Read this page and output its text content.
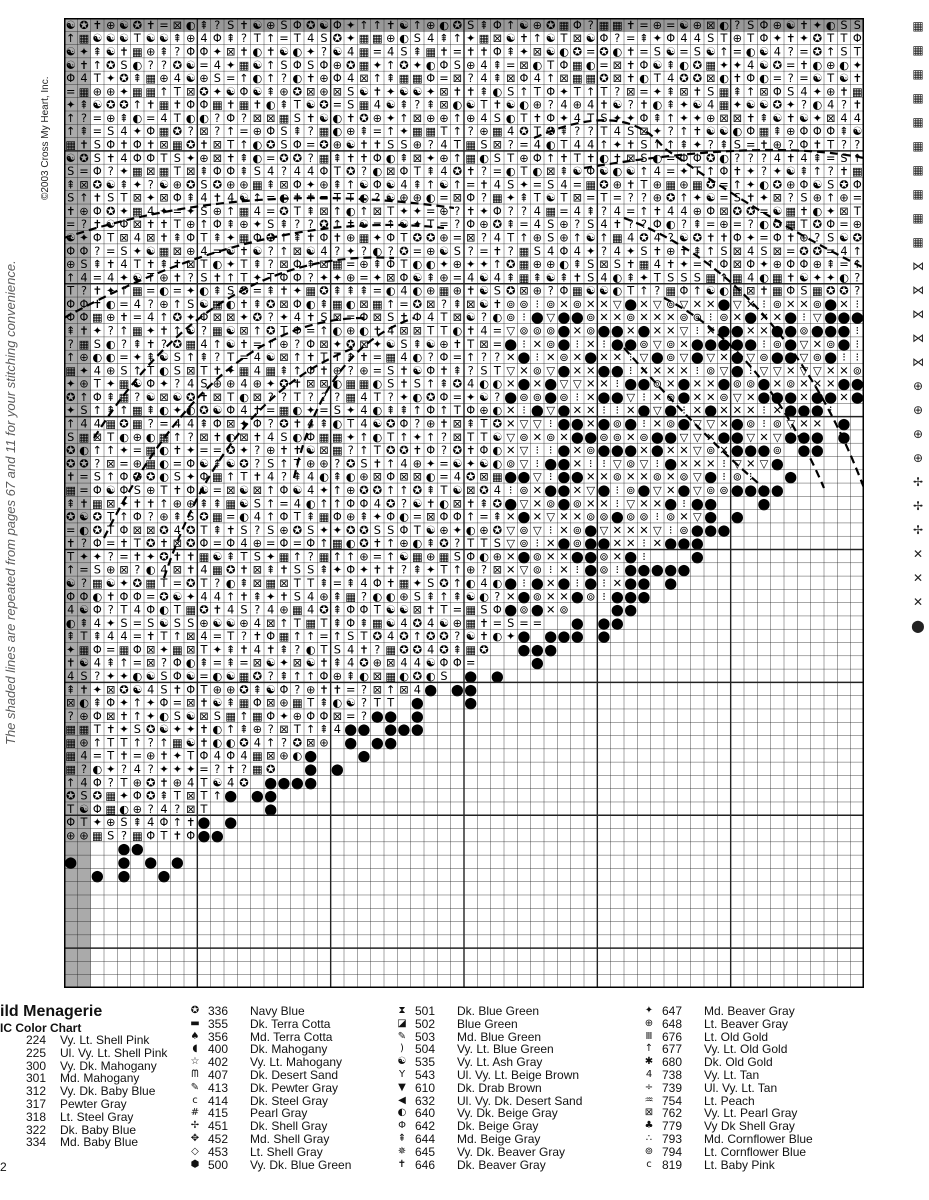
☯ ✪ ✝ ⊕ ☯ ✪ ✝ = ⊠ ◐ ⇞ ? S ✝ ☯ ⊕ S Φ ✪ ☯ Φ ✦ ↑ ↑ ✝ ☯ ↑ ⊕ ◐ ✪ S ⇞ Φ ↑ ☯ ⊕ ✪ ▦ Φ ? ▦ ▦ ✝ = ⊕ = ☯ ⊕ ⊠ ◐ ? S Φ ⊕ ☯ ✝ ✦ ◐ S S
↑ ▦ ☯ ☯ ☯ T ☯ ☯ ⇞ ⊕ 4 Φ ⇞ ? T ↑ = T 4 S ✪ ✦ ▦ ▦ ⊕ ◐ S 4 ⇞ ↑ ✦ ▦ ⊠ ☯ ✝ ↑ ☯ T ⊠ ☯ Φ ? = ⇞ ✦ Φ 4 4 S T ⊕ T Φ ✦ ✝ ✦ ✪ T T Φ
☯ ✦ ⇞ ☯ ✝ ▦ ⊕ ⇞ ? Φ Φ ✦ ⊠ ✝ ◐ ✝ ☯ ◐ ✦ ? ☯ 4 ▦ = 4 S ⇞ ▦ ✝ = ✝ ✝ Φ ⇞ ✦ ⊠ ☯ ◐ ✪ = ✪ ◐ ✝ = S ☯ = S ☯ ↑ = ◐ ☯ 4 ? = ✪ ↑ S T
☯ ✝ ↑ ✪ S ◐ ? ? ✪ ☯ = 4 ✦ ▦ ☯ ↑ S Φ S Φ ⊕ ✪ ▦ ✦ ↑ ✪ ✦ ◐ Φ S ⊕ 4 ⇞ = ⊠ ◐ T Φ ▦ ◐ = ⊠ ✝ Φ ☯ ⇞ ◐ ✪ ▦ ✦ ✦ 4 ☯ ✪ = ✝ ◐ ⊕ ◐ ✦
Φ 4 T ✦ ✪ ⇞ ▦ ⊕ 4 ☯ ⊕ S = ↑ ◐ ↑ ? ◐ ✝ ⊕ Φ 4 ⊠ ↑ ⇞ ▦ ▦ Φ = ⊠ ? 4 ⇞ ⊠ Φ 4 ↑ ⊠ ▦ ▦ ✪ ⊠ ✝ ◐ T 4 ✪ ✪ ⊠ ◐ ✝ Φ ◐ = ? = ☯ T ☯ ✝
= ▦ ⊕ ⊕ ✦ ▦ ▦ ↑ T ⊠ ✪ ✦ ☯ Φ ☯ ⇞ ⊕ ✪ ⊠ ⊕ ⊠ S ☯ ✝ ✦ ☯ ☯ ✦ ⊠ ✝ ✝ ⇞ ◐ S ↑ T Φ ✦ T ↑ T ? ⊠ = ✦ ⇞ ⊠ ✝ S ▦ ⇞ ↑ ⊠ Φ S 4 ✦ ⊕ ✝ ▦
✦ ⇞ ☯ ✪ ✪ ↑ ✝ ▦ ✝ Φ Φ ▦ ✝ ▦ ✝ ◐ ⇞ T ☯ ✪ = S ▦ 4 ☯ ⇞ ? ⇞ ⊠ ◐ ☯ T ✝ ☯ ◐ ⊕ ? 4 ⊕ 4 ✝ ☯ ? ✝ ◐ ⇞ ✦ ☯ 4 ▦ ✦ ☯ ☯ ✪ ✦ ? ◐ 4 ? ✝
↑ ? = ⊕ ⇞ ◐ = 4 T ◐ ◐ ? Φ ? ⊠ ⊠ ▦ S ✝ ☯ ◐ ✝ ✪ ⊕ ✦ ↑ ⊠ ⊕ ⊕ ↑ ⊕ 4 S ◐ T ✝ Φ ✦ 4 T S ✦ ✦ Φ ⇞ ↑ ✦ ✦ ⊕ ⊠ ⊠ ✝ ⇞ ☯ ✝ ☯ ✦ ⊠ 4 4
↑ ⇞ = S 4 ✦ Φ ▦ ✪ ? ⊠ ? ↑ = ⊕ Φ S ⇞ ? ▦ ◐ ⊕ ⇞ = ↑ ✦ ▦ ▦ T ↑ ? ⊕ ▦ 4 ✪ T ✪ ⇞ ? ? T 4 S ⊠ ✦ ? ↑ ✝ ☯ ☯ ◐ Φ ▦ ⇞ ⊕ Φ Φ Φ ⇞ ☯
▦ ✝ S Φ ✝ Φ ✝ ⊠ ▦ ✪ ✝ ⊠ T ↑ ◐ ✪ S Φ = ✪ ⊕ ☯ ✝ ✝ S S ⊕ ? 4 T ▦ S ⊠ ? = 4 ◐ T 4 4 ↑ ✦ ✝ S ↑ ↑ ⇞ ✦ ? ⇞ S = ✝ ⊕ ? Φ ✝ T ? ?
☯ ✪ S ✝ 4 Φ Φ T S ✦ ⊕ ⊠ ✝ ⇞ ◐ = ✪ ✪ ? ▦ ⇞ ✝ ✝ Φ ◐ ⇞ ⊠ ✦ ⊕ ↑ ▦ ◐ S T ⊕ Φ ↑ ✝ T ✝ ◐ ✝ ⊠ S ◐ = Φ Φ ✪ ◐ ? ? ? 4 ✝ 4 ⇞ = S ↑
S = Φ ? ✦ ▦ ⊠ ▦ T ⊠ ⇞ Φ Φ ⇞ S 4 ? 4 4 Φ T ✪ ? ◐ ⊠ Φ T ⇞ 4 ✪ ✝ ? = ◐ T ◐ ⊠ ⇞ ☯ Φ ☯ ◐ ☯ ↑ 4 = ✦ T ↑ Φ ✝ ✦ ? ✦ ☯ ⇞ ↑ ? ✝ ▦
⇞ ⊠ ✪ ☯ ⇞ ✦ ? ☯ ⊕ ✪ S ✪ ⊕ ⊕ ▦ ⇞ ⊠ Φ ✦ ⊕ ⇞ ↑ ☯ Φ ☯ 4 ⇞ ↑ ☯ ↑ = ✝ 4 S ✦ = S 4 = ▦ ✪ ⊕ ✝ T ⊕ ▦ ⊕ ▦ ✪ = ↑ ✦ ◐ ✪ ⊕ Φ ☯ S ✪ Φ
S ↑ ✝ S T ⊠ ✦ ⊠ Φ ⇞ 4 ✝ 4 ☯ ↑ = ◐ ✝ ✝ = T T ◐ ? ☯ ⊕ ⊕ ◐ = ⊠ Φ ? ▦ ✦ ⇞ T ☯ T ⊠ = T = ? ? ⊕ ✪ ↑ ✦ ☯ = S ✝ ✦ ⊠ ? S ⊕ ↑ ⊕ =
✝ ⊕ Φ ✪ ✦ ▦ 4 ✦ = ✦ S ⊕ ↑ ▦ 4 = ✪ T ⇞ ⊠ ↑ ◐ ↑ ⊠ T ✦ ✦ = ⊕ ? ✝ ✦ Φ ? ? 4 ▦ = 4 ⇞ ? 4 = ↑ ✝ 4 4 ⊕ Φ ⊠ ✪ ✪ = ☯ ▦ ✝ ◐ ✦ ⊠ T
= ? ✝ ☯ Φ ⊠ ✝ ✝ T ⊕ ↑ Φ ⇞ ⊕ ✦ S ⇞ ? ? ✪ ↑ ✝ ☯ = ↑ ☯ ✦ T = ? Φ ⊕ ✪ ⇞ = 4 S ⊕ ? S 4 ✝ ? ? Φ ◐ ? ⇞ = ⊕ = ? ◐ ✪ ▦ T ✪ Φ = ⊕
☯ ✦ Φ T ⊠ 4 ⊠ ✝ ⇞ Φ T ⇞ ✦ ▦ Φ ✪ ↑ ⇞ ✝ Φ ✝ ⊕ ▦ ✦ Φ T ✪ ✪ ⊕ = ⊠ ? 4 T ↑ ⊕ S ⊕ ↑ ☯ ↑ ▦ 4 ✪ 4 ? ☯ ✪ ✝ ✝ Φ ✦ = Φ ✝ ⊕ ? S ☯ ✪
Φ Φ ? = S ✦ ☯ ▦ ⊠ ⊕ 4 = ☯ ✝ ☯ ? ↑ ⊠ ☯ 4 ? ✦ ? ◐ ? ✪ = ⊕ ☯ S ? = ✝ ? ▦ S 4 Φ 4 ✦ ? 4 ✦ S ✝ ⊕ ✝ ⇞ ↑ S ⊠ 4 S ⊠ = ✪ ✪ = 4 ↑
⊕ S ⇞ ✝ 4 T ✝ ⇞ ✝ ⊠ T ◐ ✦ T ⇞ ? ⊠ Φ ⇞ ⊠ ▦ = ⊕ ⇞ Φ T ◐ ◐ ✦ ⊕ ✦ ✦ ↑ ✪ ▦ ⊕ ⊕ ◐ ⇞ S ⊠ S ✝ ▦ 4 ✝ ✦ = ↑ Φ ⊠ Φ ✦ ⊕ Φ Φ ⊕ ⇞ = ↑
↑ 4 = 4 ✦ ☯ T ⊕ ✝ ? S ✝ ↑ T ✦ T Φ Φ ? ✦ ✦ ⊕ = ✦ ⊠ Φ ☯ ⇞ ⊕ = 4 ☯ 4 ⇞ ▦ ⇞ ☯ ⇞ ✝ S 4 ◐ ⇞ ✦ T S S S ▦ ↑ ▦ 4 ◐ ▦ ✝ ☯ ✦ ✦ ◐ ?
T ? ✝ ✦ ↑ ▦ = ◐ = ✦ ◐ ⇞ S ✪ = ⇞ ✝ ✦ ▦ ✪ ⇞ ⇞ ⇞ = ◐ 4 ◐ ⊕ ▦ ⊕ ✝ ☯ S ✪ ⊠ ⊕ ? Φ ▦ ☯ ☯ ◐ T ↑ ? ▦ Φ ↑ ☯ ◐ ▦ ⊠ ✝ ▦ Φ S ▦ ✪ ✪ ?
Φ Φ ✝ ◐ = 4 ? ⊕ ↑ S ☯ ▦ ◐ ✝ ⇞ ✪ ⊠ Φ ◐ ⇞ ▦ ◐ ⊠ ▦ ↑ = ✪ ⊠ ? ⇞ ⊠ ☯ ✝ ⊚ ⊚ ⁝ ⊚ ✕ ⊚ ✕ ✕ ▽ ⬤ ✕ ▽ ⊚ ▽ ✕ ✕ ⬤ ▽ ✕ ⁝ ⊚ ✕ ✕ ⊚ ⬤ ✕ ⁝
Φ Φ ▦ ⊕ ✝ = 4 ↑ ✪ ✦ Φ ⊠ ⊠ ✦ ✪ ? ✦ 4 ✝ S ⊠ = Φ ⊠ S ✝ Φ 4 T ⊠ ☯ ? ◐ ⊚ ⁝ ⬤ ▽ ⬤ ⬤ ⊚ ✕ ✕ ⊚ ✕ ✕ ✕ ⊚ ⊚ ⁝ ⊚ ✕ ⬤ ✕ ✕ ⬤ ⁝ ▽ ⬤ ⬤ ⬤
⇞ ✝ ✦ ? ↑ ▦ ✦ ✝ ↑ ☯ ? ▦ ☯ ⊠ ↑ ✪ T Φ = ↑ ◐ ⊕ ◐ ✝ 4 ⊠ ⊠ T T ◐ ✝ 4 = ▽ ⊚ ⊚ ⊚ ⬤ ✕ ⊚ ⬤ ⬤ ✕ ⬤ ✕ ✕ ▽ ⁝ ✕ ⬤ ⬤ ✕ ✕ ⬤ ⬤ ⊚ ⬤ ⬤ ⬤ ⁝
? ▦ S ◐ ? ⇞ ✝ ? ✪ ▦ 4 ↑ ☯ ✝ = ↑ ⊕ ? Φ ⊠ ✦ ✪ ⊠ ✦ ☯ S ⇞ ☯ ⊕ ✝ T ⊠ = ⬤ ⁝ ✕ ⊚ ⬤ ⁝ ✕ ⁝ ⬤ ⬤ ⊚ ▽ ⊚ ✕ ⬤ ⬤ ⬤ ⬤ ⬤ ⁝ ⊚ ⬤ ▽ ✕ ⊚ ⬤ ⁝
↑ ⊕ ◐ ◐ = ✦ ⇞ ☯ S ↑ ⇞ ? T = 4 ☯ ⊠ ↑ ✝ T T ⇞ ✝ = ▦ 4 ◐ ? Φ = ↑ ? ? ✕ ⬤ ⁝ ✕ ⊚ ✕ ⬤ ✕ ✕ ⁝ ▽ ⬤ ⊚ ▽ ⬤ ▽ ✕ ⬤ ▽ ⊚ ⬤ ⬤ ▽ ⊚ ⬤ ⁝ ⁝
▦ ✦ 4 ⊕ S ↑ T ◐ S ⊠ T ✝ ✦ ▦ 4 ▦ ⇞ ↑ Φ ✝ ⊕ ? ⊕ = S ✝ ☯ Φ ✝ ⇞ ? S T ▽ ✕ ⊚ ▽ ⬤ ✕ ✕ ⬤ ⬤ ⁝ ✕ ✕ ✕ ✕ ⁝ ⊚ ▽ ⬤ ⁝ ▽ ▽ ✕ ▽ ▽ ✕ ✕ ⊚
✦ ⊕ T ✦ ▦ ☯ Φ ✦ ? 4 S ⊕ ⊕ 4 ⊕ ✦ ✪ ✝ ⊠ ⊠ ◐ ▦ ▦ ◐ S ✝ S ↑ ⇞ ✪ 4 ◐ ◐ ✕ ⬤ ✕ ⬤ ▽ ▽ ✕ ✕ ⁝ ⬤ ⬤ ⊚ ✕ ⬤ ✕ ✕ ⬤ ⊚ ⊚ ⬤ ✕ ⊚ ✕ ✕ ✕ ⬤ ⬤
✪ ↑ Φ ⇞ ▦ ? ☯ ⊠ ☯ ✪ ✝ ⊠ T ◐ ⊠ ? ? T ? ? ? ▦ 4 T ? ✦ ◐ ✪ Φ = ✦ ☯ ? ⬤ ⊚ ⊚ ⬤ ⊚ ⁝ ✕ ⬤ ⬤ ▽ ⁝ ✕ ⊚ ⬤ ✕ ✕ ⊚ ▽ ✕ ⬤ ⬤ ⬤ ✕ ⬤ ⬤ ✕ ⬤
✦ S ↑ ⇞ ↑ ▦ ⇞ ◐ ✦ ◐ ✪ ☯ Φ 4 ✝ = ▦ ◐ ✦ = S ✦ 4 ◐ ⇞ ⇞ ↑ Φ ↑ T Φ ⊕ ◐ ✕ ⁝ ⬤ ▽ ⬤ ✕ ✕ ⁝ ⁝ ✕ ⬤ ▽ ⬤ ⁝ ✕ ⬤ ✕ ✕ ✕ ⁝ ✕ ⬤ ⬤ ⬤ ⁝
↑ 4 4 ▦ ✪ ▦ ? = 4 4 ⇞ Φ ⊠ ✦ Φ ? ✪ ✝ 4 ⇞ ◐ T 4 ☯ ✪ Φ ? ⊕ ✝ ⊠ ⇞ T ✪ ✕ ▽ ▽ ⁝ ⬤ ⬤ ✕ ⬤ ⊚ ⬤ ⁝ ✕ ⊚ ⬤ ▽ ▽ ✕ ⬤ ⊚ ⁝ ⊚ ▽ ✕ ✕ ⬤
S ▦ ⊠ T ◐ ⊕ ◐ ▦ ↑ ? ⊠ ✝ ◐ ⊠ ✝ 4 S ◐ Φ ▦ ▦ ✦ ↑ ◐ T ↑ ✦ ↑ ? ⊠ T T ☯ ▽ ⊚ ✕ ⊚ ✕ ⬤ ⬤ ⊚ ⊚ ✕ ⊚ ⬤ ⬤ ▽ ▽ ✕ ⬤ ⬤ ▽ ✕ ▽ ⬤ ⬤ ⬤ ⬤
✪ ◐ ↑ ↑ ✦ = ▦ ◐ ✝ ✦ = = ✪ ✦ ? ⊕ ✝ ✝ ☯ ⊠ ▦ ? ↑ T ✪ ✪ ✝ Φ ? ✪ ✝ Φ ◐ ✕ ▽ ⁝ ⁝ ⬤ ✕ ⊚ ⬤ ⬤ ⬤ ✕ ⬤ ✕ ✕ ▽ ⊚ ✕ ⬤ ⬤ ⬤ ⊚ ⬤ ⬤
✪ ✪ ? ⊠ = ⊕ ▦ ◐ = Φ ☯ ⇞ ☯ ✪ ? S ↑ T ⊕ ⊕ ? ✪ S ✝ ↑ 4 ⊕ ✦ = ☯ ✦ ☯ ◐ ⊚ ▽ ⁝ ⬤ ⬤ ✕ ⁝ ⁝ ▽ ⊚ ▽ ⁝ ⬤ ✕ ✕ ✕ ⁝ ▽ ✕ ▽ ⬤
✝ = S ↑ Φ ✪ ✪ ◐ S ✦ Φ ▦ ↑ T ✝ 4 ? ⇞ 4 ◐ ⇞ ◐ ⊕ ⊠ Φ ⊠ ⊠ ◐ = 4 ✪ ⊠ ▦ ⬤ ⬤ ▽ ⁝ ⬤ ⬤ ✕ ✕ ⊚ ✕ ✕ ⊚ ✕ ⊚ ▽ ⬤ ⁝ ⊚ ⁝	⬤
▦ = Φ ☯ Φ S ⊕ T ✝ Φ ☯ = ⊠ ☯ ⊠ ↑ Φ ☯ 4 ✦ ↑ ⊕ ✪ ✪ ↑ ↑ ✪ ⇞ T ☯ ⊠ ✪ 4 ⁝ ⊚ ✕ ⬤ ⬤ ✕ ▽ ⬤ ⁝ ⊚ ⬤ ▽ ✕ ⬤ ▽ ⊚ ⊚ ⬤ ⬤ ⬤ ⬤
⇞ ✝ ▦ ⊠ ✦ ✝ ✝ ↑ ⊕ ⊕ ⇞ ⇞ ▦ ☯ S ↑ = 4 ◐ ↑ ↑ Φ Φ 4 ✪ ? ☯ ✝ ◐ ⊠ ✝ ⇞ ✪ ⬤ ▽ ✕ ⊚ ⬤ ⊚ ✕ ✕ ⁝ ▽ ✕ ✕ ⬤ ⁝ ⬤ ⬤	⬤
✪ ☯ ✪ T ↑ Φ ? ⊕ ⇞ S ✪ ▦ = ◐ 4 ↑ Φ T ⇞ ▦ Φ ⊕ ⇞ ✦ Φ ◐ = ⊠ Φ Φ ↑ = ⇞ ✕ ⬤ ✕ ▽ ✕ ✕ ⊚ ⊚ ⬤ ⊚ ⊚ ⁝ ⊚ ✕ ▽ ⬤ ⬤
= ◐ ✪ T Φ ⊠ ⊠ ✪ 4 ✪ T ⇞ ✝ S ? S ⊕ ✪ S ✦ ✦ ✪ ✪ S S Φ T ☯ ⊕ ✦ ◐ ⊕ ✪ ▽ ⊚ ▽ ⁝ ✕ ⊚ ⬤ ▽ ✕ ✕ ✕ ▽ ⁝ ⊚ ⬤ ⬤ ⬤
✝ ? Φ = ✝ T ✪ ✝ ⊠ ✪ Φ = Φ 4 ⊕ = Φ = Φ ↑ ▦ ◐ ✪ ✝ ↑ ⊕ ◐ ⇞ ✪ ? T T S ▽ ⊚ ⁝ ✕ ⬤ ⊚ ⬤ ⬤ ✕ ✕ ⁝ ✕ ⬤ ⬤ ⬤
T ✦ ✦ ? = ✝ ✦ ✪ ✝ ✝ ▦ ☯ ⇞ T S ✦ ▦ ↑ ? ▦ ↑ ↑ ⊕ = ↑ ☯ ▦ ⊕ ▦ S Φ ◐ ⊕ ✕ ⬤ ⊚ ✕ ✕ ⬤ ⬤ ⊚ ✕ ⬤ ⁝	⬤
↑ = S ⊕ ⊠ ? ◐ 4 ⊠ ✝ 4 ▦ ✪ ✝ ⊠ ⇞ ✝ S S ⇞ ✦ Φ ✦ ✝ ✝ ? ⇞ ✦ T ↑ ⊕ ? ⊠ ✕ ▽ ⊚ ⁝ ✕ ⁝ ⬤ ⊚ ⁝ ⬤ ⬤ ⬤ ⬤ ⬤
☯ ? ▦ ☯ ✦ ✪ ▦ T = ✪ T ? ◐ ⇞ ⊠ ▦ ⊠ T T ⇞ = ⇞ 4 Φ ✝ ▦ ✦ S ✪ ↑ ◐ 4 ◐ ⬤ ⁝ ⬤ ✕ ⬤ ⁝ ⬤ ⁝ ✕ ⬤ ⬤ ⬤
Φ Φ ◐ ✝ Φ Φ = ✪ ☯ ✦ 4 4 ↑ ✝ ⇞ ✦ ✝ S 4 ⊕ ⇞ ▦ ? ◐ ◐ ⊕ S ⇞ ↑ ⇞ ☯ ◐ ? ✕ ⬤ ⊚ ✕ ✕ ⬤ ⊚ ⁝ ⬤ ⬤ ⬤
4 ☯ Φ ? T 4 Φ ◐ T ▦ ✪ ✝ 4 S ? 4 ⊕ ▦ 4 ✪ ⇞ Φ Φ T ☯ ☯ ⊠ ✝ T = ▦ S Φ ⬤ ⊚ ⬤ ✕ ⊚	⬤ ⬤
◐ ⇞ 4 ✦ S = S ☯ S S ⊕ ☯ ☯ ⊕ 4 ⊠ ↑ T ▦ T ⇞ Φ ⇞ ▦ ☯ 4 ✪ 4 ☯ ⊕ ▦ ✝ = S = =	⬤ ⬤ ⬤
⇞ T ⇞ 4 4 = ✝ T ↑ ⊠ 4 = T ? ✝ Φ ▦ ↑ ↑ = ↑ S T ✪ 4 ✪ ↑ ✪ ✪ ? ☯ ✝ ◐ ✦ ⬤ ⬤ ⬤ ⬤ ⬤
✦ ▦ Φ = ▦ Φ ⊠ ✦ ▦ ⊠ T ✦ ⇞ ✝ 4 ✝ ⇞ ? ◐ T S 4 ✝ ? ▦ ✪ ✪ 4 ✪ ⇞ ▦ ✪	⬤ ⬤ ⬤
✝ ☯ 4 ⇞ ↑ = ⊠ ? Φ ◐ ⇞ = ⇞ = ⊠ ☯ ✦ ⊠ ☯ ✝ ⇞ 4 ✪ ⊕ ⊠ 4 4 ☯ Φ Φ =	⬤
4 S ? ✦ ✦ ◐ ☯ S Φ ☯ = ◐ ☯ ▦ ✪ ? ⇞ ↑ ↑ Φ ⊕ ⇞ ◐ ⊠ ▦ ◐ ✪ ◐ S ⬤ ⬤
⇞ ✝ ✦ ⊠ ✪ ☯ 4 S ✝ Φ T ⊕ ⊕ ✪ ⇞ ☯ Φ ? ⊕ ✝ ✝ = ? ⊠ ↑ ⊠ 4 ⬤ ⬤ ⬤
⊠ ◐ ⇞ Φ ✦ ↑ ✦ Φ = ⊠ ✝ ☯ ⇞ ▦ Φ ⊠ ⊕ ▦ T ⇞ ◐ ☯ ? T T ⬤	⬤
? ⊕ Φ ⊠ ✝ ↑ ✦ ◐ S ☯ ⊠ S ▦ ↑ ▦ Φ ✦ ⊕ Φ Φ ⊠ = ? ⬤ ⬤ ⬤
▦ ▦ T ✝ ✦ S ✪ ☯ ✦ ✦ ✝ ◐ ↑ ⇞ ⊕ ? ⊠ T ↑ ⇞ 4 ⬤ ⬤ ⬤ ⬤ ⬤
▦ ⊕ ↑ T T ↑ ? ↑ ▦ ☯ ✝ ◐ ◐ ✪ 4 ↑ ? ✪ ⊠ ⊕ ⬤ ⬤ ⬤
▦ 4 = T ✝ = ⊕ ✝ ✦ T Φ 4 Φ 4 ▦ ⊠ ⊕ ◐ ⬤	⬤
▦ ? ◐ ✦ ? 4 ? ✦ ✦ ✦ = ? ✝ ? ▦ ✪	⬤ ⬤
↑ 4 Φ ? T ⊕ ✪ ✝ ⊕ 4 T ☯ 4 ✪ ⬤ ⬤ ⬤ ⬤
✪ S ✪ ▦ ✦ Φ ✪ ⇞ T ⊠ T ↑ ⬤ ⬤ ⬤
T ☯ Φ ▦ ◐ ⊕ ? 4 ? ⊠ T	⬤
Φ T ✦ ⊕ S ⇞ 4 Φ ↑ ✝ ⬤ ⬤
⊕ ⊕ ▦ S ? ▦ Φ T ✝ Φ ⬤ ⬤
⬤ ⬤
⬤	⬤ ⬤ ⬤
⬤ ⬤ ⬤
©2003 Cross My Heart, Inc.
The shaded lines are repeated from pages 67 and 11 for your stitching convenience.
▦
▦
▦
▦
▦
▦
▦
▦
▦
▦
⋈
⋈
⋈
⋈
⋈
⊕
⊕
⊕
⊕
✢
✢
✢
✕
✕
✕
⬤
ild Menagerie
IC Color Chart
224	Vy. Lt. Shell Pink
225	Ul. Vy. Lt. Shell Pink
300	Vy. Dk. Mahogany
301	Md. Mahogany
312	Vy. Dk. Baby Blue
317	Pewter Gray
318	Lt. Steel Gray
322	Dk. Baby Blue
334	Md. Baby Blue
✪ 336	Navy Blue
▬ 355	Dk. Terra Cotta
♠ 356	Md. Terra Cotta
◖ 400	Dk. Mahogany
☆ 402	Vy. Lt. Mahogany
ᗰ 407	Dk. Desert Sand
✎ 413	Dk. Pewter Gray
c 414	Dk. Steel Gray
# 415	Pearl Gray
✢ 451	Dk. Shell Gray
✥ 452	Md. Shell Gray
◇ 453	Lt. Shell Gray
⬢ 500	Vy. Dk. Blue Green
⧗ 501	Dk. Blue Green
◪ 502	Blue Green
✎ 503	Md. Blue Green
) 504	Vy. Lt. Blue Green
☯ 535	Vy. Lt. Ash Gray
Y 543	Ul. Vy. Lt. Beige Brown
▼ 610	Dk. Drab Brown
◀ 632	Ul. Vy. Dk. Desert Sand
◐ 640	Vy. Dk. Beige Gray
Φ 642	Dk. Beige Gray
⇞ 644	Md. Beige Gray
✵ 645	Vy. Dk. Beaver Gray
✝ 646	Dk. Beaver Gray
✦ 647	Md. Beaver Gray
⊕ 648	Lt. Beaver Gray
Ⅲ 676	Lt. Old Gold
↑ 677	Vy. Lt. Old Gold
✱ 680	Dk. Old Gold
4 738	Vy. Lt. Tan
÷ 739	Ul. Vy. Lt. Tan
♒ 754	Lt. Peach
⊠ 762	Vy. Lt. Pearl Gray
♣ 779	Vy Dk Shell Gray
∴ 793	Md. Cornflower Blue
⊚ 794	Lt. Cornflower Blue
c 819	Lt. Baby Pink
2
